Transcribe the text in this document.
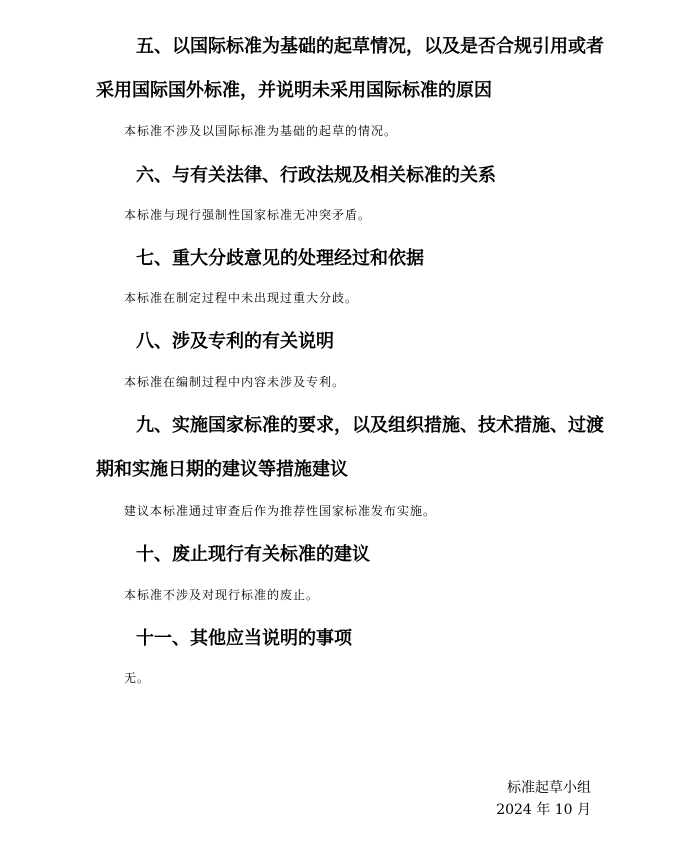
五、以国际标准为基础的起草情况，以及是否合规引用或者采用国际国外标准，并说明未采用国际标准的原因

本标准不涉及以国际标准为基础的起草的情况。

六、与有关法律、行政法规及相关标准的关系

本标准与现行强制性国家标准无冲突矛盾。

七、重大分歧意见的处理经过和依据

本标准在制定过程中未出现过重大分歧。

八、涉及专利的有关说明

本标准在编制过程中内容未涉及专利。

九、实施国家标准的要求，以及组织措施、技术措施、过渡期和实施日期的建议等措施建议

建议本标准通过审查后作为推荐性国家标准发布实施。

十、废止现行有关标准的建议

本标准不涉及对现行标准的废止。

十一、其他应当说明的事项

无。

标准起草小组
2024 年 10 月
